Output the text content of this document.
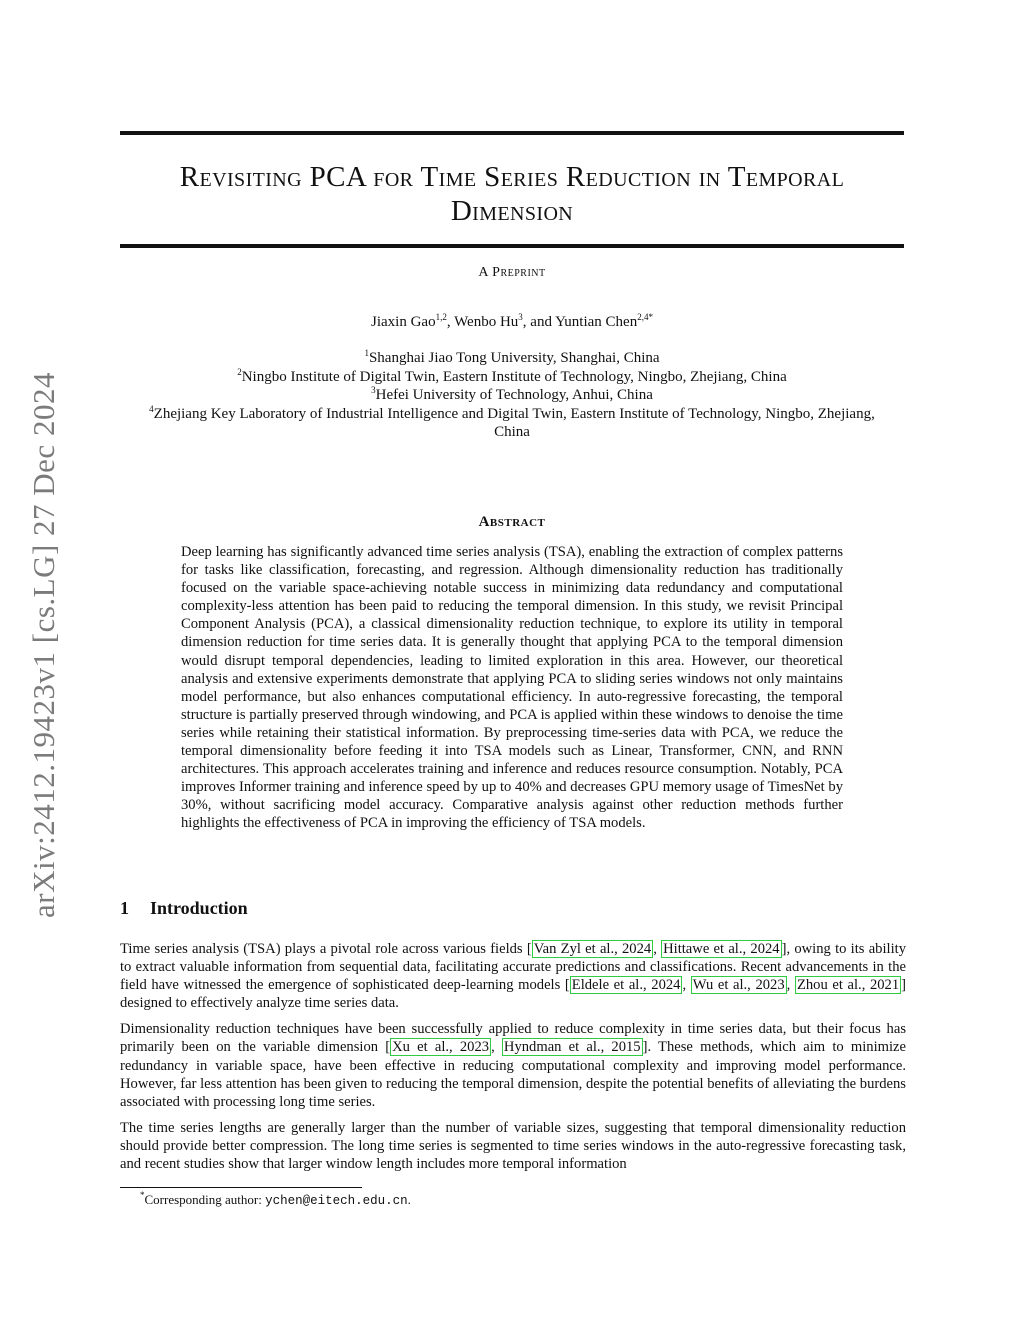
arXiv:2412.19423v1 [cs.LG] 27 Dec 2024
Revisiting PCA for Time Series Reduction in Temporal Dimension
A Preprint
Jiaxin Gao$^{1,2}$, Wenbo Hu$^3$, and Yuntian Chen$^{2,4*}$
$^1$Shanghai Jiao Tong University, Shanghai, China
$^2$Ningbo Institute of Digital Twin, Eastern Institute of Technology, Ningbo, Zhejiang, China
$^3$Hefei University of Technology, Anhui, China
$^4$Zhejiang Key Laboratory of Industrial Intelligence and Digital Twin, Eastern Institute of Technology, Ningbo, Zhejiang, China
Abstract
Deep learning has significantly advanced time series analysis (TSA), enabling the extraction of complex patterns for tasks like classification, forecasting, and regression. Although dimensionality reduction has traditionally focused on the variable space-achieving notable success in minimizing data redundancy and computational complexity-less attention has been paid to reducing the temporal dimension. In this study, we revisit Principal Component Analysis (PCA), a classical dimensionality reduction technique, to explore its utility in temporal dimension reduction for time series data. It is generally thought that applying PCA to the temporal dimension would disrupt temporal dependencies, leading to limited exploration in this area. However, our theoretical analysis and extensive experiments demonstrate that applying PCA to sliding series windows not only maintains model performance, but also enhances computational efficiency. In auto-regressive forecasting, the temporal structure is partially preserved through windowing, and PCA is applied within these windows to denoise the time series while retaining their statistical information. By preprocessing time-series data with PCA, we reduce the temporal dimensionality before feeding it into TSA models such as Linear, Transformer, CNN, and RNN architectures. This approach accelerates training and inference and reduces resource consumption. Notably, PCA improves Informer training and inference speed by up to 40% and decreases GPU memory usage of TimesNet by 30%, without sacrificing model accuracy. Comparative analysis against other reduction methods further highlights the effectiveness of PCA in improving the efficiency of TSA models.
1 Introduction

Time series analysis (TSA) plays a pivotal role across various fields [ Van Zyl et al., 2024 , Hittawe et al., 2024 ], owing to its ability to extract valuable information from sequential data, facilitating accurate predictions and classifications. Recent advancements in the field have witnessed the emergence of sophisticated deep-learning models [ Eldele et al., 2024 , Wu et al., 2023 , Zhou et al., 2021 ] designed to effectively analyze time series data.

Dimensionality reduction techniques have been successfully applied to reduce complexity in time series data, but their focus has primarily been on the variable dimension [ Xu et al., 2023 , Hyndman et al., 2015 ]. These methods, which aim to minimize redundancy in variable space, have been effective in reducing computational complexity and improving model performance. However, far less attention has been given to reducing the temporal dimension, despite the potential benefits of alleviating the burdens associated with processing long time series.

The time series lengths are generally larger than the number of variable sizes, suggesting that temporal dimensionality reduction should provide better compression. The long time series is segmented to time series windows in the auto-regressive forecasting task, and recent studies show that larger window length includes more temporal information

*Corresponding author: ychen@eitech.edu.cn.
